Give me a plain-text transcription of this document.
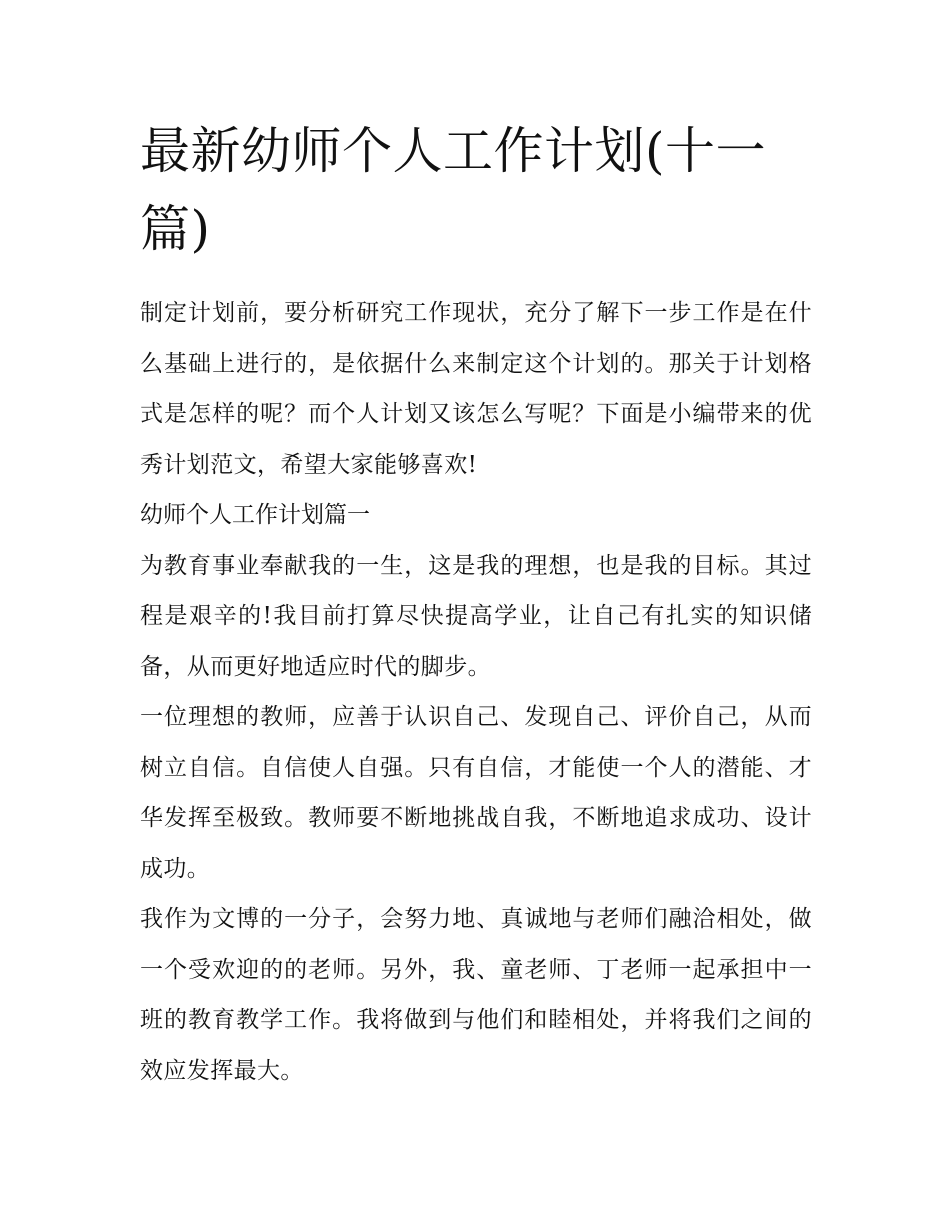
最新幼师个人工作计划(十一篇)

制定计划前，要分析研究工作现状，充分了解下一步工作是在什么基础上进行的，是依据什么来制定这个计划的。那关于计划格式是怎样的呢？而个人计划又该怎么写呢？下面是小编带来的优秀计划范文，希望大家能够喜欢!

幼师个人工作计划篇一

为教育事业奉献我的一生，这是我的理想，也是我的目标。其过程是艰辛的!我目前打算尽快提高学业，让自己有扎实的知识储备，从而更好地适应时代的脚步。

一位理想的教师，应善于认识自己、发现自己、评价自己，从而树立自信。自信使人自强。只有自信，才能使一个人的潜能、才华发挥至极致。教师要不断地挑战自我，不断地追求成功、设计成功。

我作为文博的一分子，会努力地、真诚地与老师们融洽相处，做一个受欢迎的的老师。另外，我、童老师、丁老师一起承担中一班的教育教学工作。我将做到与他们和睦相处，并将我们之间的效应发挥最大。
